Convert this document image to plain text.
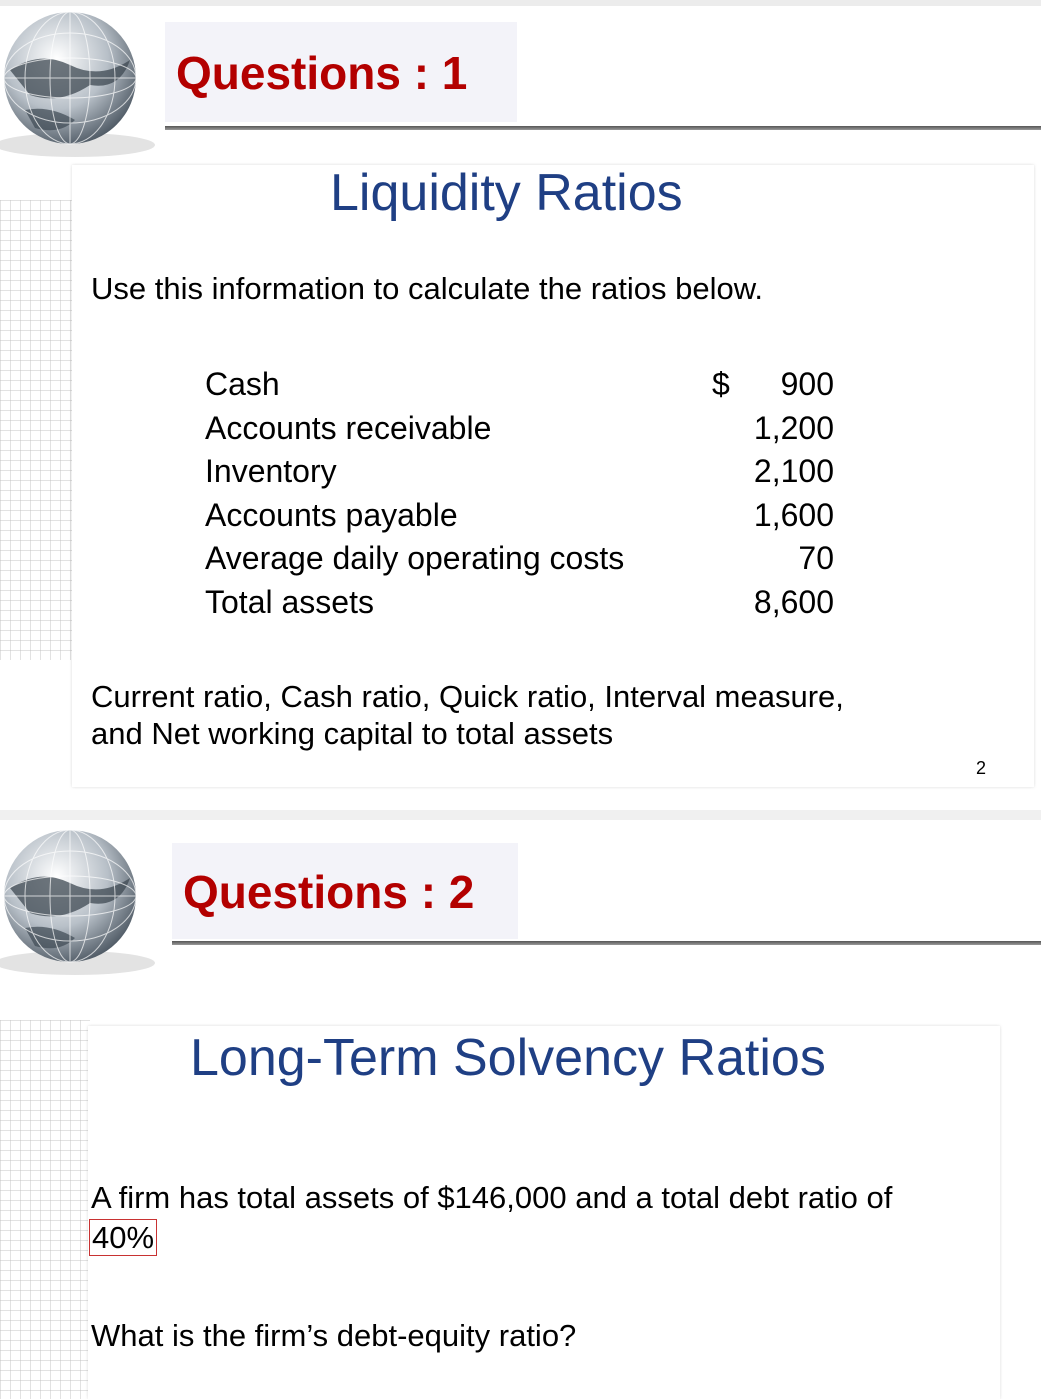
Questions : 1
Liquidity Ratios
Use this information to calculate the ratios below.
$
Cash	900
Accounts receivable	1,200
Inventory	2,100
Accounts payable	1,600
Average daily operating costs	70
Total assets	8,600
Current ratio, Cash ratio, Quick ratio, Interval measure,
and Net working capital to total assets
2
Questions : 2
Long-Term Solvency Ratios
A firm has total assets of $146,000 and a total debt ratio of
40%
What is the firm’s debt-equity ratio?
